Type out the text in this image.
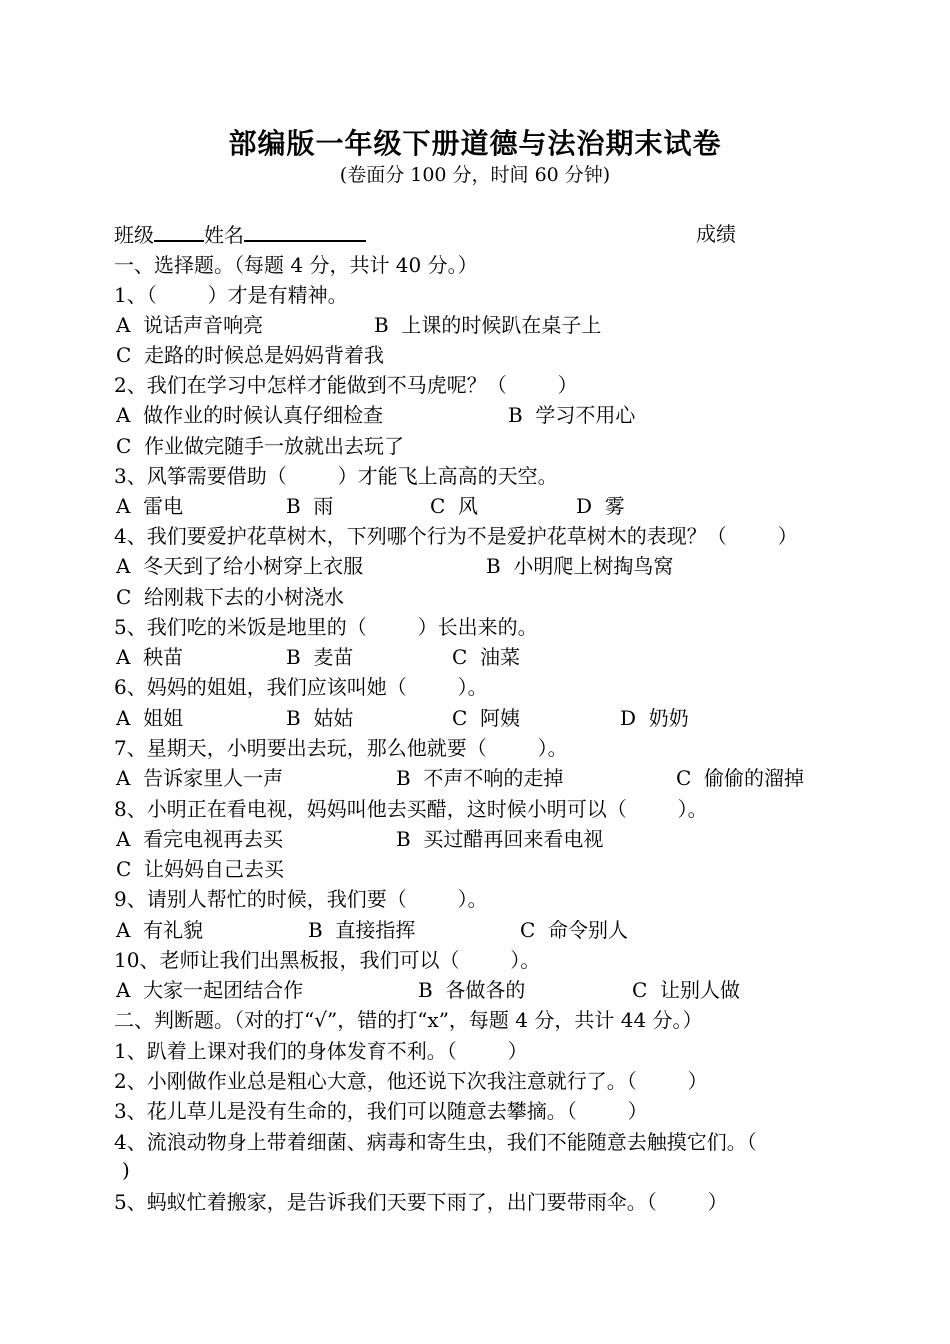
部编版一年级下册道德与法治期末试卷
(卷面分 100 分，时间 60 分钟)
班级	姓名	成绩
一、选择题。（每题 4 分，共计 40 分。）
1、（        ）才是有精神。
A  说话声音响亮	B  上课的时候趴在桌子上
C  走路的时候总是妈妈背着我
2、我们在学习中怎样才能做到不马虎呢？（        ）
A  做作业的时候认真仔细检查	B  学习不用心
C  作业做完随手一放就出去玩了
3、风筝需要借助（        ）才能飞上高高的天空。
A  雷电	B  雨	C  风	D  雾
4、我们要爱护花草树木，下列哪个行为不是爱护花草树木的表现？（        ）
A  冬天到了给小树穿上衣服	B  小明爬上树掏鸟窝
C  给刚栽下去的小树浇水
5、我们吃的米饭是地里的（        ）长出来的。
A  秧苗	B  麦苗	C  油菜
6、妈妈的姐姐，我们应该叫她（        ）。
A  姐姐	B  姑姑	C  阿姨	D  奶奶
7、星期天，小明要出去玩，那么他就要（        ）。
A  告诉家里人一声	B  不声不响的走掉	C  偷偷的溜掉
8、小明正在看电视，妈妈叫他去买醋，这时候小明可以（        ）。
A  看完电视再去买	B  买过醋再回来看电视
C  让妈妈自己去买
9、请别人帮忙的时候，我们要（        ）。
A  有礼貌	B  直接指挥	C  命令别人
10、老师让我们出黑板报，我们可以（        ）。
A  大家一起团结合作	B  各做各的	C  让别人做
二、判断题。（对的打“√”，错的打“x”，每题 4 分，共计 44 分。）
1、趴着上课对我们的身体发育不利。（        ）
2、小刚做作业总是粗心大意，他还说下次我注意就行了。（        ）
3、花儿草儿是没有生命的，我们可以随意去攀摘。（        ）
4、流浪动物身上带着细菌、病毒和寄生虫，我们不能随意去触摸它们。（
)
5、蚂蚁忙着搬家，是告诉我们天要下雨了，出门要带雨伞。（        ）
